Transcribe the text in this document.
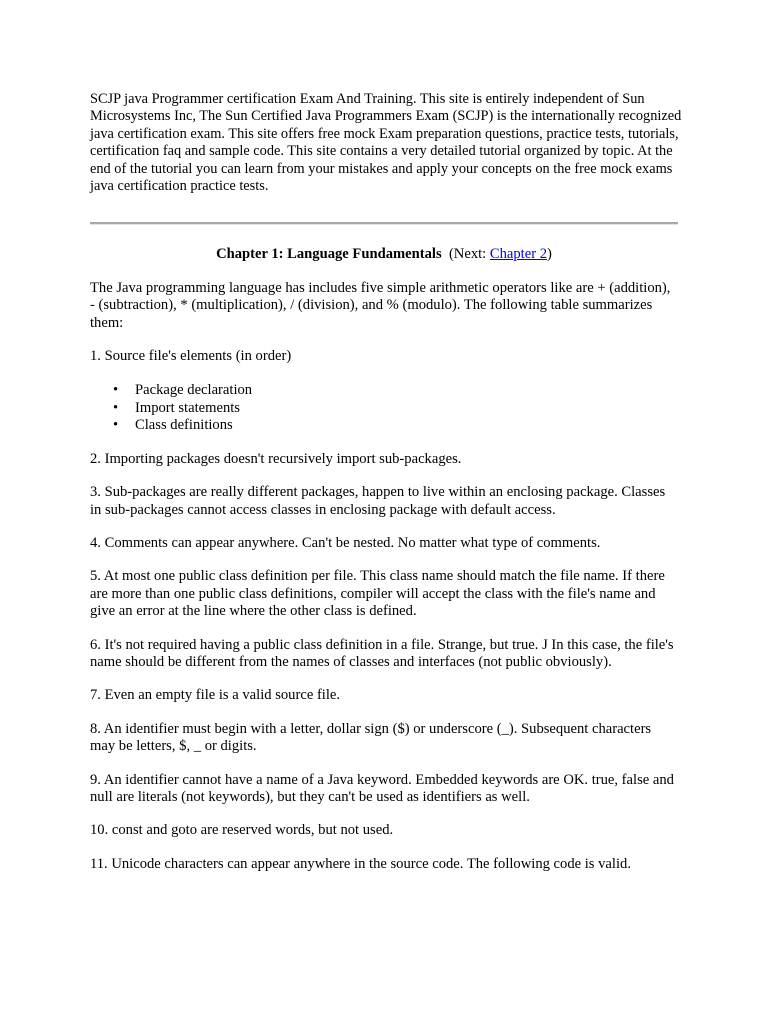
SCJP java Programmer certification Exam And Training. This site is entirely independent of Sun Microsystems Inc, The Sun Certified Java Programmers Exam (SCJP) is the internationally recognized java certification exam. This site offers free mock Exam preparation questions, practice tests, tutorials, certification faq and sample code. This site contains a very detailed tutorial organized by topic. At the end of the tutorial you can learn from your mistakes and apply your concepts on the free mock exams java certification practice tests.

Chapter 1: Language Fundamentals (Next: Chapter 2)

The Java programming language has includes five simple arithmetic operators like are + (addition), - (subtraction), * (multiplication), / (division), and % (modulo). The following table summarizes them:

1. Source file's elements (in order)

• Package declaration
• Import statements
• Class definitions

2. Importing packages doesn't recursively import sub-packages.

3. Sub-packages are really different packages, happen to live within an enclosing package. Classes in sub-packages cannot access classes in enclosing package with default access.

4. Comments can appear anywhere. Can't be nested. No matter what type of comments.

5. At most one public class definition per file. This class name should match the file name. If there are more than one public class definitions, compiler will accept the class with the file's name and give an error at the line where the other class is defined.

6. It's not required having a public class definition in a file. Strange, but true. J In this case, the file's name should be different from the names of classes and interfaces (not public obviously).

7. Even an empty file is a valid source file.

8. An identifier must begin with a letter, dollar sign ($) or underscore (_). Subsequent characters may be letters, $, _ or digits.

9. An identifier cannot have a name of a Java keyword. Embedded keywords are OK. true, false and null are literals (not keywords), but they can't be used as identifiers as well.

10. const and goto are reserved words, but not used.

11. Unicode characters can appear anywhere in the source code. The following code is valid.
